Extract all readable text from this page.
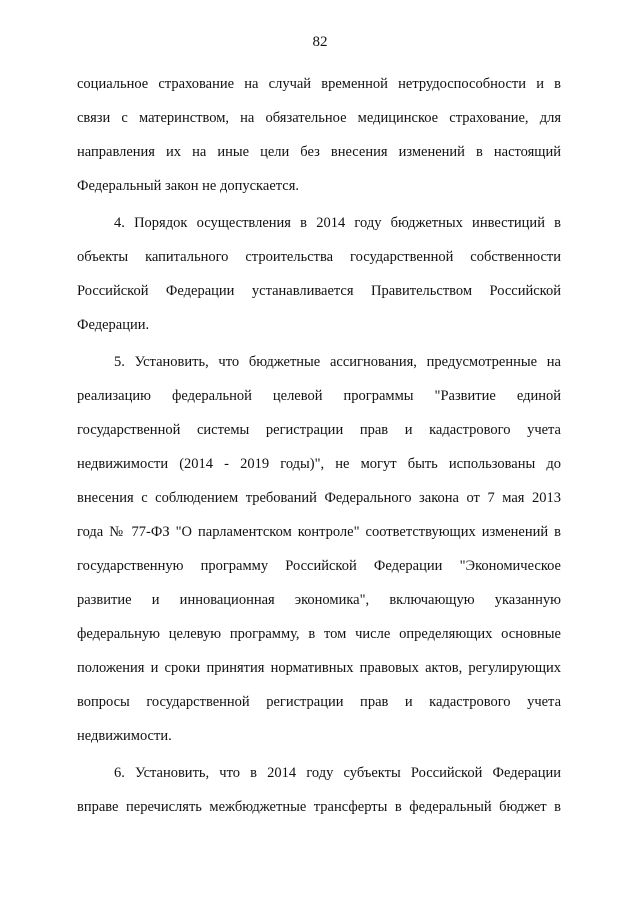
82
социальное страхование на случай временной нетрудоспособности и в
связи с материнством, на обязательное медицинское страхование, для
направления их на иные цели без внесения изменений в настоящий
Федеральный закон не допускается.
4. Порядок осуществления в 2014 году бюджетных инвестиций в
объекты капитального строительства государственной собственности
Российской Федерации устанавливается Правительством Российской
Федерации.
5. Установить, что бюджетные ассигнования, предусмотренные на
реализацию федеральной целевой программы "Развитие единой
государственной системы регистрации прав и кадастрового учета
недвижимости (2014 - 2019 годы)", не могут быть использованы до
внесения с соблюдением требований Федерального закона от 7 мая 2013
года № 77-ФЗ "О парламентском контроле" соответствующих изменений в
государственную программу Российской Федерации "Экономическое
развитие и инновационная экономика", включающую указанную
федеральную целевую программу, в том числе определяющих основные
положения и сроки принятия нормативных правовых актов, регулирующих
вопросы государственной регистрации прав и кадастрового учета
недвижимости.
6. Установить, что в 2014 году субъекты Российской Федерации
вправе перечислять межбюджетные трансферты в федеральный бюджет в
